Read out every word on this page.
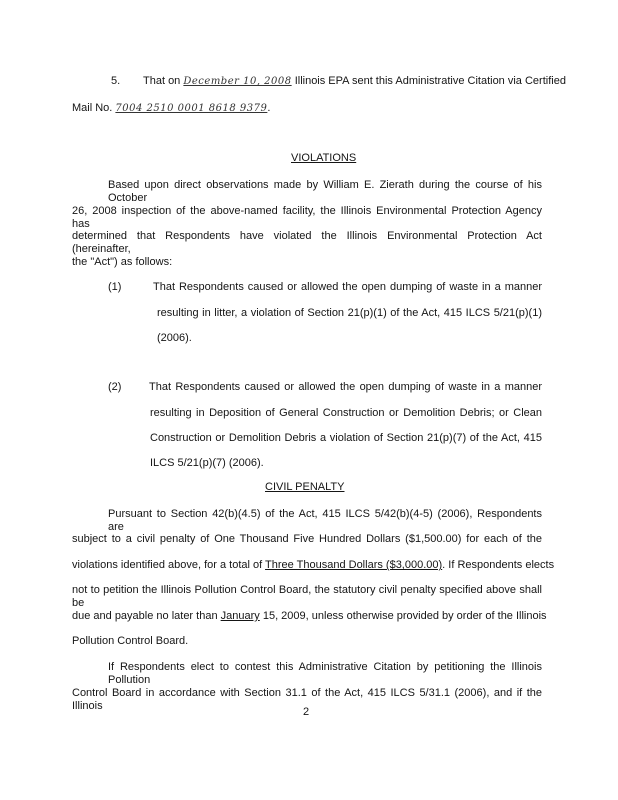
5. That on December 10, 2008 Illinois EPA sent this Administrative Citation via Certified
Mail No. 7004 2510 0001 8618 9379.
VIOLATIONS
Based upon direct observations made by William E. Zierath during the course of his October
26, 2008 inspection of the above-named facility, the Illinois Environmental Protection Agency has
determined that Respondents have violated the Illinois Environmental Protection Act (hereinafter,
the "Act") as follows:
(1)	That Respondents caused or allowed the open dumping of waste in a manner
resulting in litter, a violation of Section 21(p)(1) of the Act, 415 ILCS 5/21(p)(1)
(2006).
(2)	That Respondents caused or allowed the open dumping of waste in a manner
resulting in Deposition of General Construction or Demolition Debris; or Clean
Construction or Demolition Debris a violation of Section 21(p)(7) of the Act, 415
ILCS 5/21(p)(7) (2006).
CIVIL PENALTY
Pursuant to Section 42(b)(4.5) of the Act, 415 ILCS 5/42(b)(4-5) (2006), Respondents are
subject to a civil penalty of One Thousand Five Hundred Dollars ($1,500.00) for each of the
violations identified above, for a total of Three Thousand Dollars ($3,000.00). If Respondents elects
not to petition the Illinois Pollution Control Board, the statutory civil penalty specified above shall be
due and payable no later than January 15, 2009, unless otherwise provided by order of the Illinois
Pollution Control Board.
If Respondents elect to contest this Administrative Citation by petitioning the Illinois Pollution
Control Board in accordance with Section 31.1 of the Act, 415 ILCS 5/31.1 (2006), and if the Illinois	2
